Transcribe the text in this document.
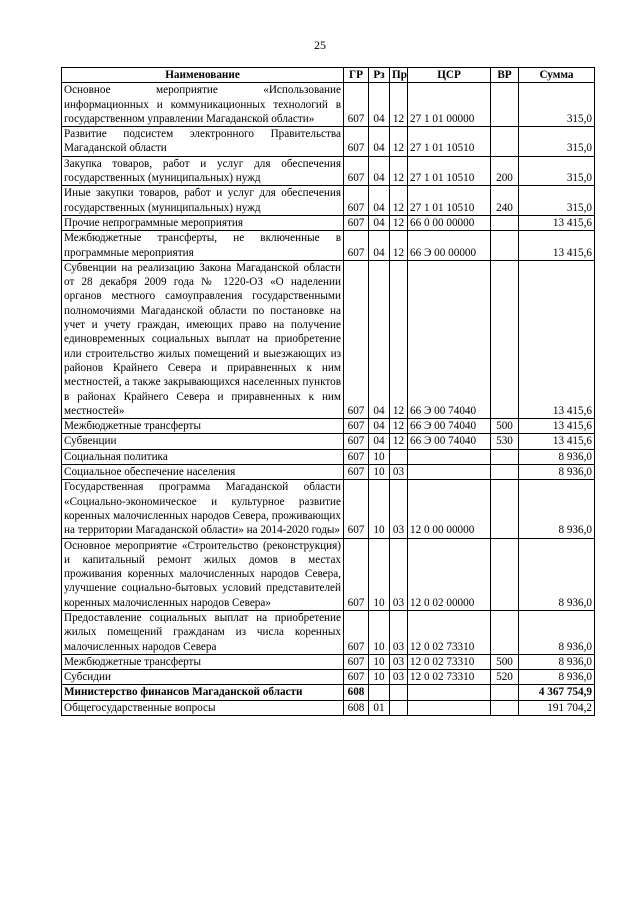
25
Наименование	ГР	Рз	Пр	ЦСР	ВР	Сумма
Основное мероприятие «Использование информационных и коммуникационных технологий в государственном управлении Магаданской области»	607	04	12	27 1 01 00000		315,0
Развитие подсистем электронного Правительства Магаданской области	607	04	12	27 1 01 10510		315,0
Закупка товаров, работ и услуг для обеспечения государственных (муниципальных) нужд	607	04	12	27 1 01 10510	200	315,0
Иные закупки товаров, работ и услуг для обеспечения государственных (муниципальных) нужд	607	04	12	27 1 01 10510	240	315,0
Прочие непрограммные мероприятия	607	04	12	66 0 00 00000		13 415,6
Межбюджетные трансферты, не включенные в программные мероприятия	607	04	12	66 Э 00 00000		13 415,6
Субвенции на реализацию Закона Магаданской области от 28 декабря 2009 года № 1220-ОЗ «О наделении органов местного самоуправления государственными полномочиями Магаданской области по постановке на учет и учету граждан, имеющих право на получение единовременных социальных выплат на приобретение или строительство жилых помещений и выезжающих из районов Крайнего Севера и приравненных к ним местностей, а также закрывающихся населенных пунктов в районах Крайнего Севера и приравненных к ним местностей»	607	04	12	66 Э 00 74040		13 415,6
Межбюджетные трансферты	607	04	12	66 Э 00 74040	500	13 415,6
Субвенции	607	04	12	66 Э 00 74040	530	13 415,6
Социальная политика	607	10				8 936,0
Социальное обеспечение населения	607	10	03			8 936,0
Государственная программа Магаданской области «Социально-экономическое и культурное развитие коренных малочисленных народов Севера, проживающих на территории Магаданской области» на 2014-2020 годы»	607	10	03	12 0 00 00000		8 936,0
Основное мероприятие «Строительство (реконструкция) и капитальный ремонт жилых домов в местах проживания коренных малочисленных народов Севера, улучшение социально-бытовых условий представителей коренных малочисленных народов Севера»	607	10	03	12 0 02 00000		8 936,0
Предоставление социальных выплат на приобретение жилых помещений гражданам из числа коренных малочисленных народов Севера	607	10	03	12 0 02 73310		8 936,0
Межбюджетные трансферты	607	10	03	12 0 02 73310	500	8 936,0
Субсидии	607	10	03	12 0 02 73310	520	8 936,0
Министерство финансов Магаданской области	608					4 367 754,9
Общегосударственные вопросы	608	01				191 704,2
